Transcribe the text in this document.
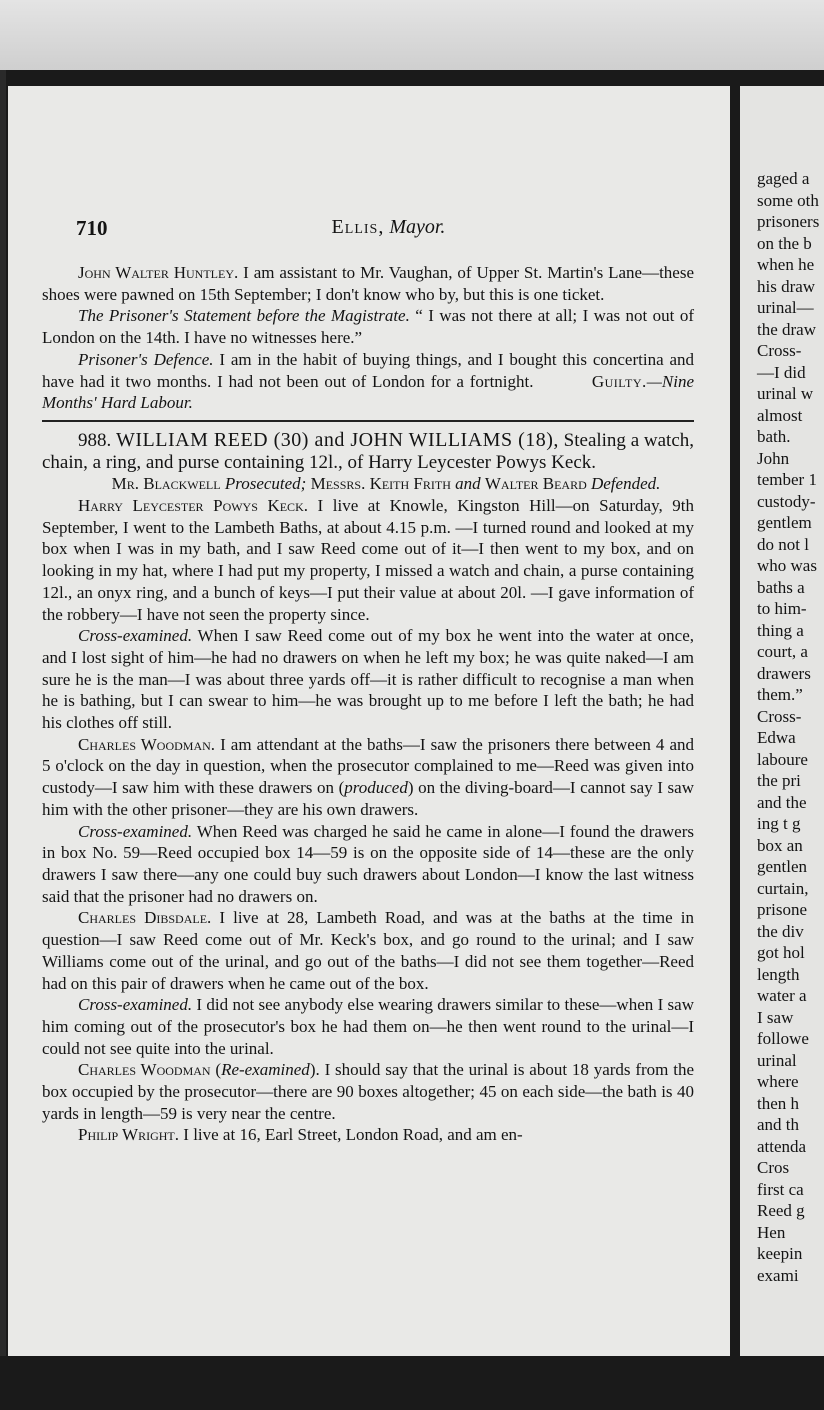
710	Ellis, Mayor.

John Walter Huntley. I am assistant to Mr. Vaughan, of Upper St. Martin's Lane—these shoes were pawned on 15th September; I don't know who by, but this is one ticket.

The Prisoner's Statement before the Magistrate. “ I was not there at all; I was not out of London on the 14th. I have no witnesses here.”

Prisoner's Defence. I am in the habit of buying things, and I bought this concertina and have had it two months. I had not been out of London for a fortnight.	Guilty.—Nine Months' Hard Labour.

988. WILLIAM REED (30) and JOHN WILLIAMS (18), Stealing a watch, chain, a ring, and purse containing 12l., of Harry Leycester Powys Keck.

Mr. Blackwell Prosecuted; Messrs. Keith Frith and Walter Beard Defended.

Harry Leycester Powys Keck. I live at Knowle, Kingston Hill—on Saturday, 9th September, I went to the Lambeth Baths, at about 4.15 p.m. —I turned round and looked at my box when I was in my bath, and I saw Reed come out of it—I then went to my box, and on looking in my hat, where I had put my property, I missed a watch and chain, a purse containing 12l., an onyx ring, and a bunch of keys—I put their value at about 20l. —I gave information of the robbery—I have not seen the property since.

Cross-examined. When I saw Reed come out of my box he went into the water at once, and I lost sight of him—he had no drawers on when he left my box; he was quite naked—I am sure he is the man—I was about three yards off—it is rather difficult to recognise a man when he is bathing, but I can swear to him—he was brought up to me before I left the bath; he had his clothes off still.

Charles Woodman. I am attendant at the baths—I saw the prisoners there between 4 and 5 o'clock on the day in question, when the prosecutor complained to me—Reed was given into custody—I saw him with these drawers on (produced) on the diving-board—I cannot say I saw him with the other prisoner—they are his own drawers.

Cross-examined. When Reed was charged he said he came in alone—I found the drawers in box No. 59—Reed occupied box 14—59 is on the opposite side of 14—these are the only drawers I saw there—any one could buy such drawers about London—I know the last witness said that the prisoner had no drawers on.

Charles Dibsdale. I live at 28, Lambeth Road, and was at the baths at the time in question—I saw Reed come out of Mr. Keck's box, and go round to the urinal; and I saw Williams come out of the urinal, and go out of the baths—I did not see them together—Reed had on this pair of drawers when he came out of the box.

Cross-examined. I did not see anybody else wearing drawers similar to these—when I saw him coming out of the prosecutor's box he had them on—he then went round to the urinal—I could not see quite into the urinal.

Charles Woodman (Re-examined). I should say that the urinal is about 18 yards from the box occupied by the prosecutor—there are 90 boxes altogether; 45 on each side—the bath is 40 yards in length—59 is very near the centre.

Philip Wright. I live at 16, Earl Street, London Road, and am en-

gaged a
some oth
prisoners
on the b
when he
his draw
urinal—
the draw
Cross-
—I did
urinal w
almost
bath.
John
tember 1
custody-
gentlem
do not l
who was
baths a
to him-
thing a
court, a
drawers
them.”
Cross-
Edwa
laboure
the pri
and the
ing t g
box an
gentlen
curtain,
prisone
the div
got hol
length
water a
I saw
followe
urinal
where
then h
and th
attenda
Cros
first ca
Reed g
Hen
keepin
exami
